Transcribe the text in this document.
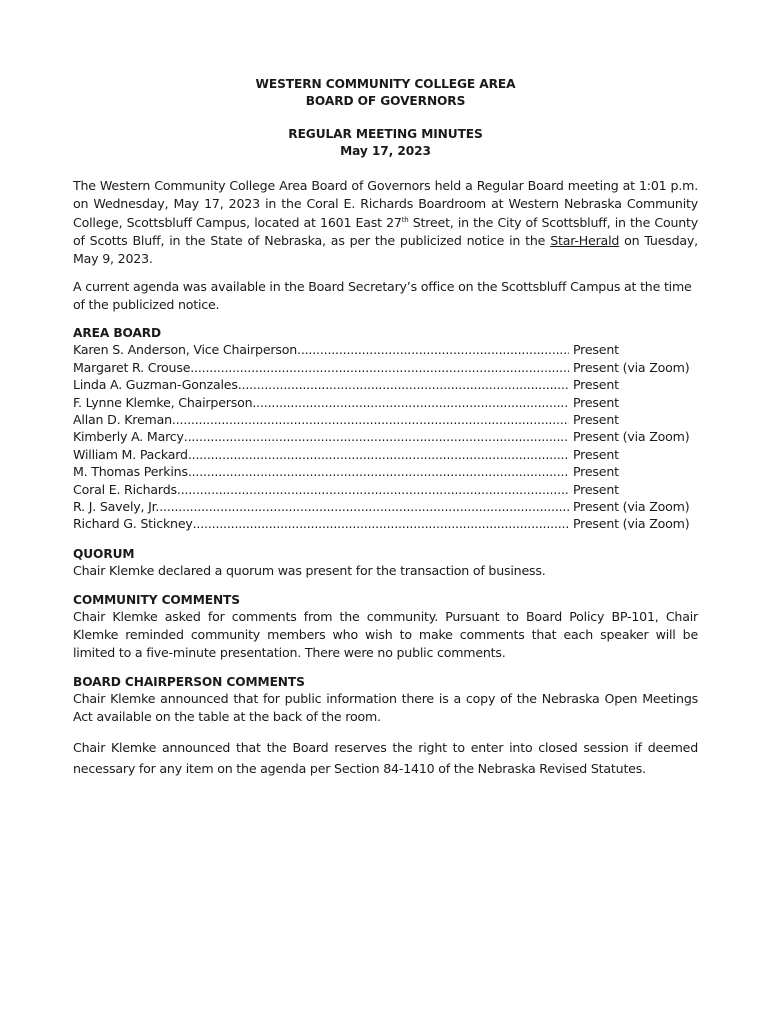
WESTERN COMMUNITY COLLEGE AREA
BOARD OF GOVERNORS
REGULAR MEETING MINUTES
May 17, 2023

The Western Community College Area Board of Governors held a Regular Board meeting at 1:01 p.m. on Wednesday, May 17, 2023 in the Coral E. Richards Boardroom at Western Nebraska Community College, Scottsbluff Campus, located at 1601 East 27th Street, in the City of Scottsbluff, in the County of Scotts Bluff, in the State of Nebraska, as per the publicized notice in the Star-Herald on Tuesday, May 9, 2023.

A current agenda was available in the Board Secretary’s office on the Scottsbluff Campus at the time of the publicized notice.

AREA BOARD
Karen S. Anderson, Vice Chairperson .....	Present
Margaret R. Crouse .....	Present (via Zoom)
Linda A. Guzman-Gonzales .....	Present
F. Lynne Klemke, Chairperson .....	Present
Allan D. Kreman .....	Present
Kimberly A. Marcy .....	Present (via Zoom)
William M. Packard .....	Present
M. Thomas Perkins .....	Present
Coral E. Richards .....	Present
R. J. Savely, Jr. .....	Present (via Zoom)
Richard G. Stickney .....	Present (via Zoom)
QUORUM

Chair Klemke declared a quorum was present for the transaction of business.

COMMUNITY COMMENTS

Chair Klemke asked for comments from the community. Pursuant to Board Policy BP-101, Chair Klemke reminded community members who wish to make comments that each speaker will be limited to a five-minute presentation. There were no public comments.

BOARD CHAIRPERSON COMMENTS

Chair Klemke announced that for public information there is a copy of the Nebraska Open Meetings Act available on the table at the back of the room.

Chair Klemke announced that the Board reserves the right to enter into closed session if deemed necessary for any item on the agenda per Section 84-1410 of the Nebraska Revised Statutes.
